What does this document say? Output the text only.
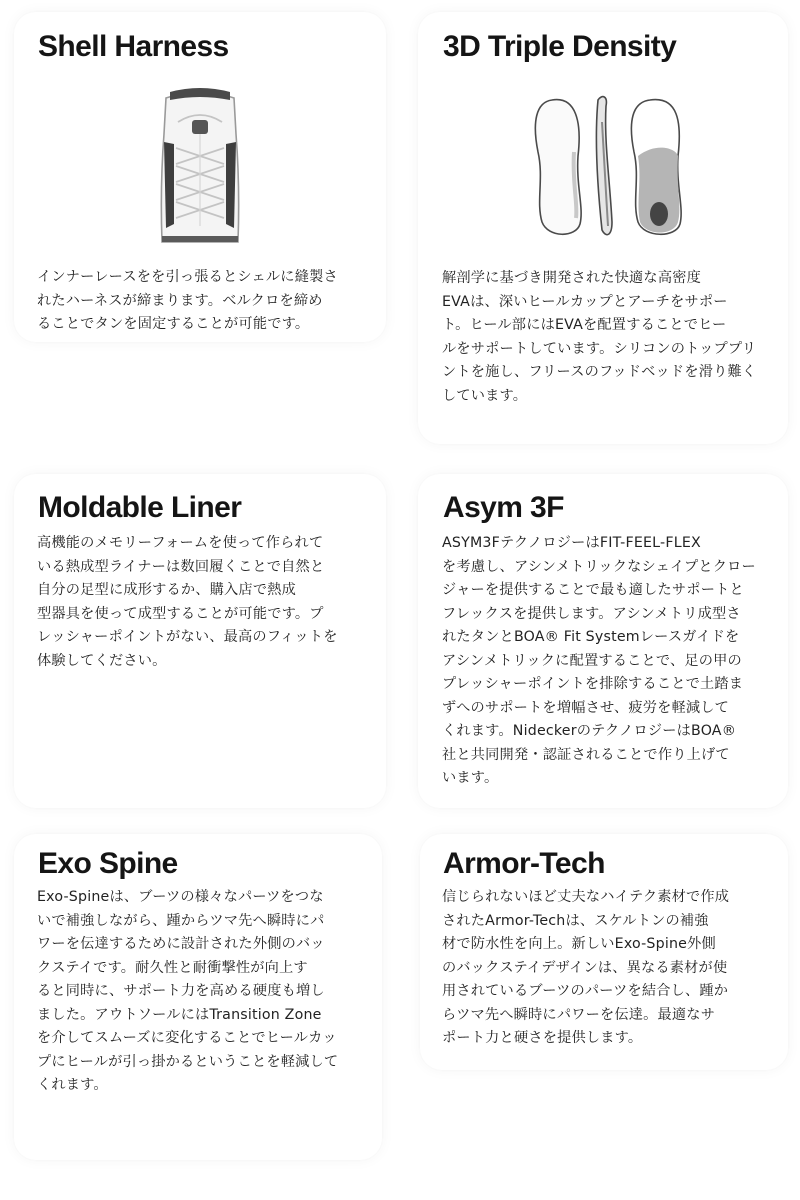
Shell Harness	3D Triple Density
Moldable Liner	Asym 3F
Exo Spine	Armor-Tech
インナーレースをを引っ張るとシェルに縫製さ
れたハーネスが締まります。ベルクロを締め
ることでタンを固定することが可能です。
解剖学に基づき開発された快適な高密度
EVAは、深いヒールカップとアーチをサポー
ト。ヒール部にはEVAを配置することでヒー
ルをサポートしています。シリコンのトッププリ
ントを施し、フリースのフッドベッドを滑り難く
しています。
高機能のメモリーフォームを使って作られて
いる熱成型ライナーは数回履くことで自然と
自分の足型に成形するか、購入店で熱成
型器具を使って成型することが可能です。プ
レッシャーポイントがない、最高のフィットを
体験してください。
ASYM3FテクノロジーはFIT-FEEL-FLEX
を考慮し、アシンメトリックなシェイプとクロー
ジャーを提供することで最も適したサポートと
フレックスを提供します。アシンメトリ成型さ
れたタンとBOA® Fit Systemレースガイドを
アシンメトリックに配置することで、足の甲の
プレッシャーポイントを排除することで土踏ま
ずへのサポートを増幅させ、疲労を軽減して
くれます。NideckerのテクノロジーはBOA®
社と共同開発・認証されることで作り上げて
います。
Exo-Spineは、ブーツの様々なパーツをつな
いで補強しながら、踵からツマ先へ瞬時にパ
ワーを伝達するために設計された外側のバッ
クステイです。耐久性と耐衝撃性が向上す
ると同時に、サポート力を高める硬度も増し
ました。アウトソールにはTransition Zone
を介してスムーズに変化することでヒールカッ
プにヒールが引っ掛かるということを軽減して
くれます。
信じられないほど丈夫なハイテク素材で作成
されたArmor-Techは、スケルトンの補強
材で防水性を向上。新しいExo-Spine外側
のバックステイデザインは、異なる素材が使
用されているブーツのパーツを結合し、踵か
らツマ先へ瞬時にパワーを伝達。最適なサ
ポート力と硬さを提供します。
